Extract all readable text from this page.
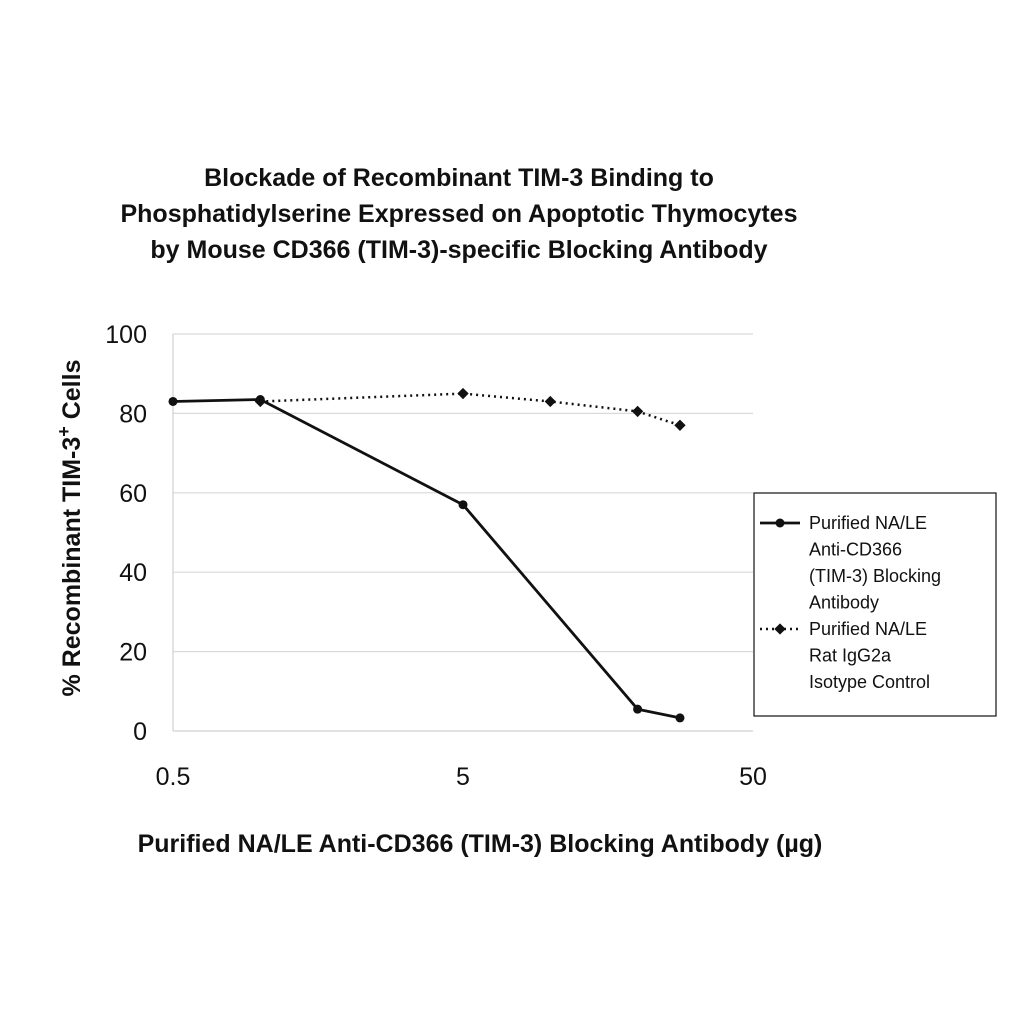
Blockade of Recombinant TIM-3 Binding to
Phosphatidylserine Expressed on Apoptotic Thymocytes
by Mouse CD366 (TIM-3)-specific Blocking Antibody
0
20
40
60
80
100
0.5	5	50
Purified NA/LE Anti-CD366 (TIM-3) Blocking Antibody (µg)
% Recombinant TIM-3+ Cells
Purified NA/LE
Anti-CD366
(TIM-3) Blocking
Antibody
Purified NA/LE
Rat IgG2a
Isotype Control
